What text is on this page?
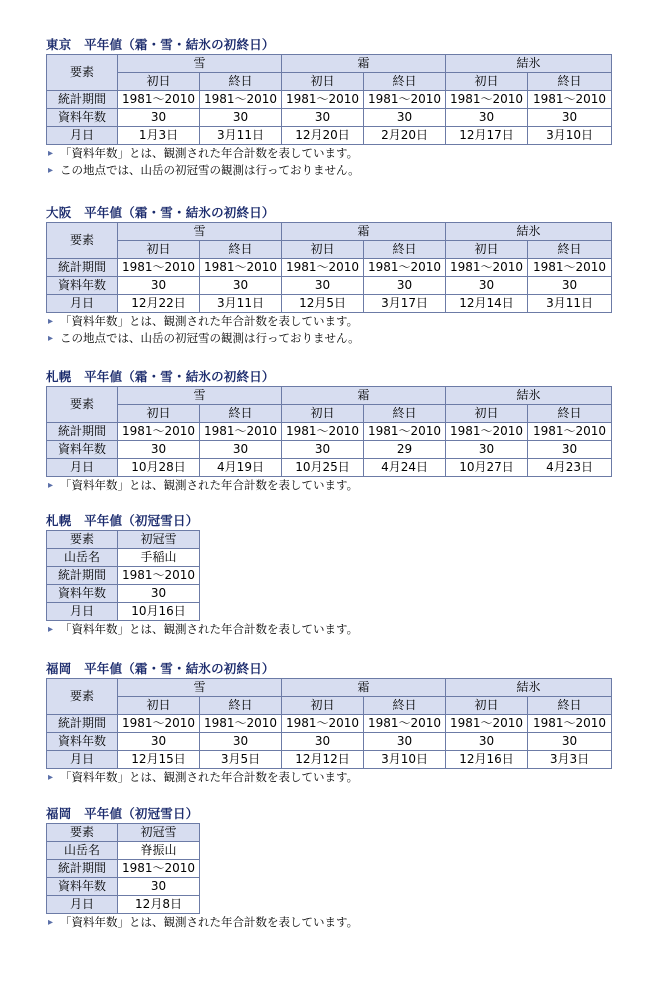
東京　平年値（霜・雪・結氷の初終日）
要素	雪		霜		結氷	
	初日	終日	初日	終日	初日	終日
統計期間	1981～2010	1981～2010	1981～2010	1981～2010	1981～2010	1981～2010
資料年数	30	30	30	30	30	30
月日	1月3日	3月11日	12月20日	2月20日	12月17日	3月10日
▸ 「資料年数」とは、観測された年合計数を表しています。
▸ この地点では、山岳の初冠雪の観測は行っておりません。
大阪　平年値（霜・雪・結氷の初終日）
要素	雪		霜		結氷	
	初日	終日	初日	終日	初日	終日
統計期間	1981～2010	1981～2010	1981～2010	1981～2010	1981～2010	1981～2010
資料年数	30	30	30	30	30	30
月日	12月22日	3月11日	12月5日	3月17日	12月14日	3月11日
▸ 「資料年数」とは、観測された年合計数を表しています。
▸ この地点では、山岳の初冠雪の観測は行っておりません。
札幌　平年値（霜・雪・結氷の初終日）
要素	雪		霜		結氷	
	初日	終日	初日	終日	初日	終日
統計期間	1981～2010	1981～2010	1981～2010	1981～2010	1981～2010	1981～2010
資料年数	30	30	30	29	30	30
月日	10月28日	4月19日	10月25日	4月24日	10月27日	4月23日
▸ 「資料年数」とは、観測された年合計数を表しています。
札幌　平年値（初冠雪日）
要素	初冠雪
山岳名	手稲山
統計期間	1981～2010
資料年数	30
月日	10月16日
▸ 「資料年数」とは、観測された年合計数を表しています。
福岡　平年値（霜・雪・結氷の初終日）
要素	雪		霜		結氷	
	初日	終日	初日	終日	初日	終日
統計期間	1981～2010	1981～2010	1981～2010	1981～2010	1981～2010	1981～2010
資料年数	30	30	30	30	30	30
月日	12月15日	3月5日	12月12日	3月10日	12月16日	3月3日
▸ 「資料年数」とは、観測された年合計数を表しています。
福岡　平年値（初冠雪日）
要素	初冠雪
山岳名	脊振山
統計期間	1981～2010
資料年数	30
月日	12月8日
▸ 「資料年数」とは、観測された年合計数を表しています。
